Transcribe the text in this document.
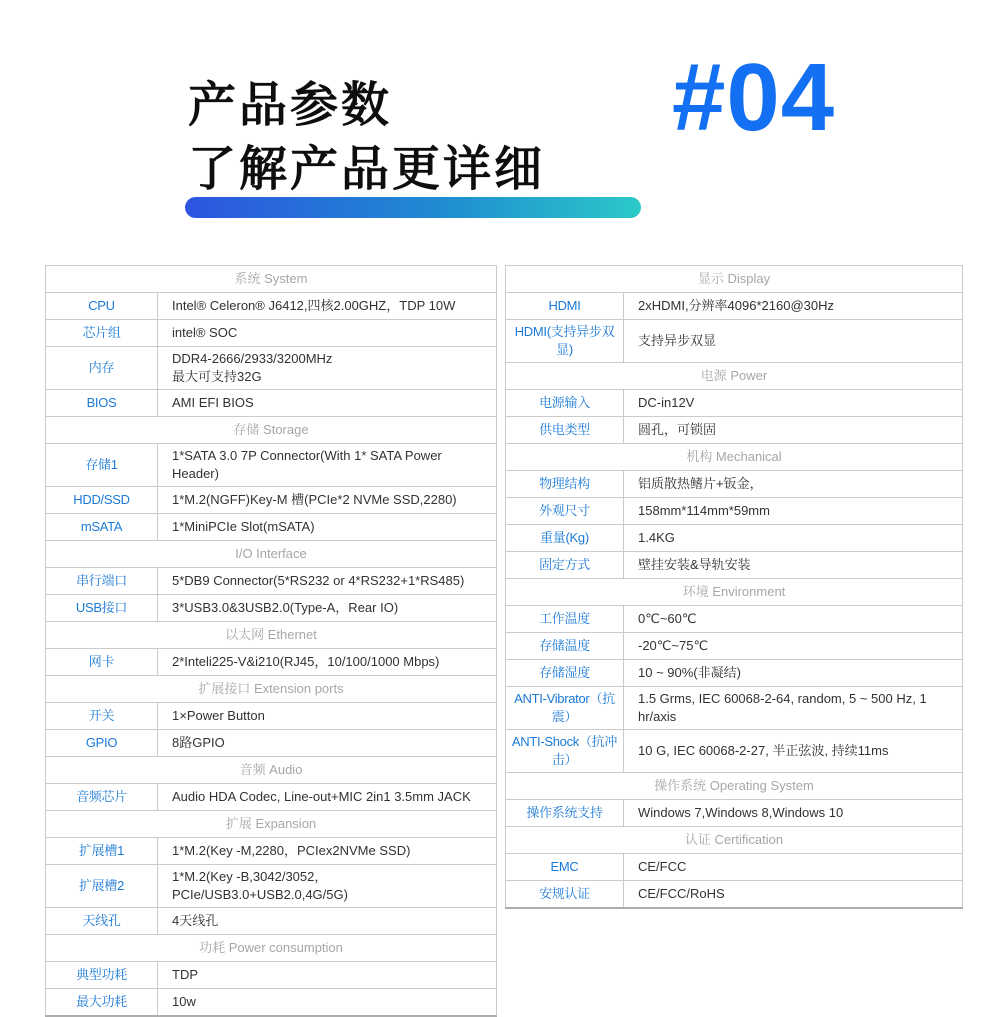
产品参数
了解产品更详细
#04
系统 System	
CPU	Intel® Celeron® J6412,四核2.00GHZ，TDP 10W

芯片组	intel® SOC

内存	DDR4-2666/2933/3200MHz
最大可支持32G

BIOS	AMI EFI BIOS

存储 Storage	
存储1	1*SATA 3.0 7P Connector(With 1* SATA Power Header)

HDD/SSD	1*M.2(NGFF)Key-M 槽(PCIe*2 NVMe SSD,2280)

mSATA	1*MiniPCIe Slot(mSATA)

I/O Interface	
串行端口	5*DB9 Connector(5*RS232 or 4*RS232+1*RS485)

USB接口	3*USB3.0&3USB2.0(Type-A，Rear IO)

以太网 Ethernet	
网卡	2*Inteli225-V&i210(RJ45，10/100/1000 Mbps)

扩展接口 Extension ports	
开关	1×Power Button

GPIO	8路GPIO

音频 Audio	
音频芯片	Audio HDA Codec, Line-out+MIC 2in1 3.5mm JACK

扩展 Expansion	
扩展槽1	1*M.2(Key -M,2280，PCIex2NVMe SSD)

扩展槽2	1*M.2(Key -B,3042/3052，PCIe/USB3.0+USB2.0,4G/5G)

天线孔	4天线孔

功耗 Power consumption	
典型功耗	TDP

最大功耗	10w
显示 Display	
HDMI	2xHDMI,分辨率4096*2160@30Hz

HDMI(支持异步双显)	支持异步双显

电源 Power	
电源输入	DC-in12V

供电类型	圆孔，可锁固

机构 Mechanical	
物理结构	铝质散热鳍片+钣金，

外观尺寸	158mm*114mm*59mm

重量(Kg)	1.4KG

固定方式	壁挂安装&导轨安装

环境 Environment	
工作温度	0℃~60℃

存储温度	-20℃~75℃

存储湿度	10 ~ 90%(非凝结)

ANTI-Vibrator（抗震）	1.5 Grms, IEC 60068-2-64, random, 5 ~ 500 Hz, 1 hr/axis

ANTI-Shock（抗冲击）	10 G, IEC 60068-2-27, 半正弦波, 持续11ms

操作系统 Operating System	
操作系统支持	Windows 7,Windows 8,Windows 10

认证 Certification	
EMC	CE/FCC

安规认证	CE/FCC/RoHS
